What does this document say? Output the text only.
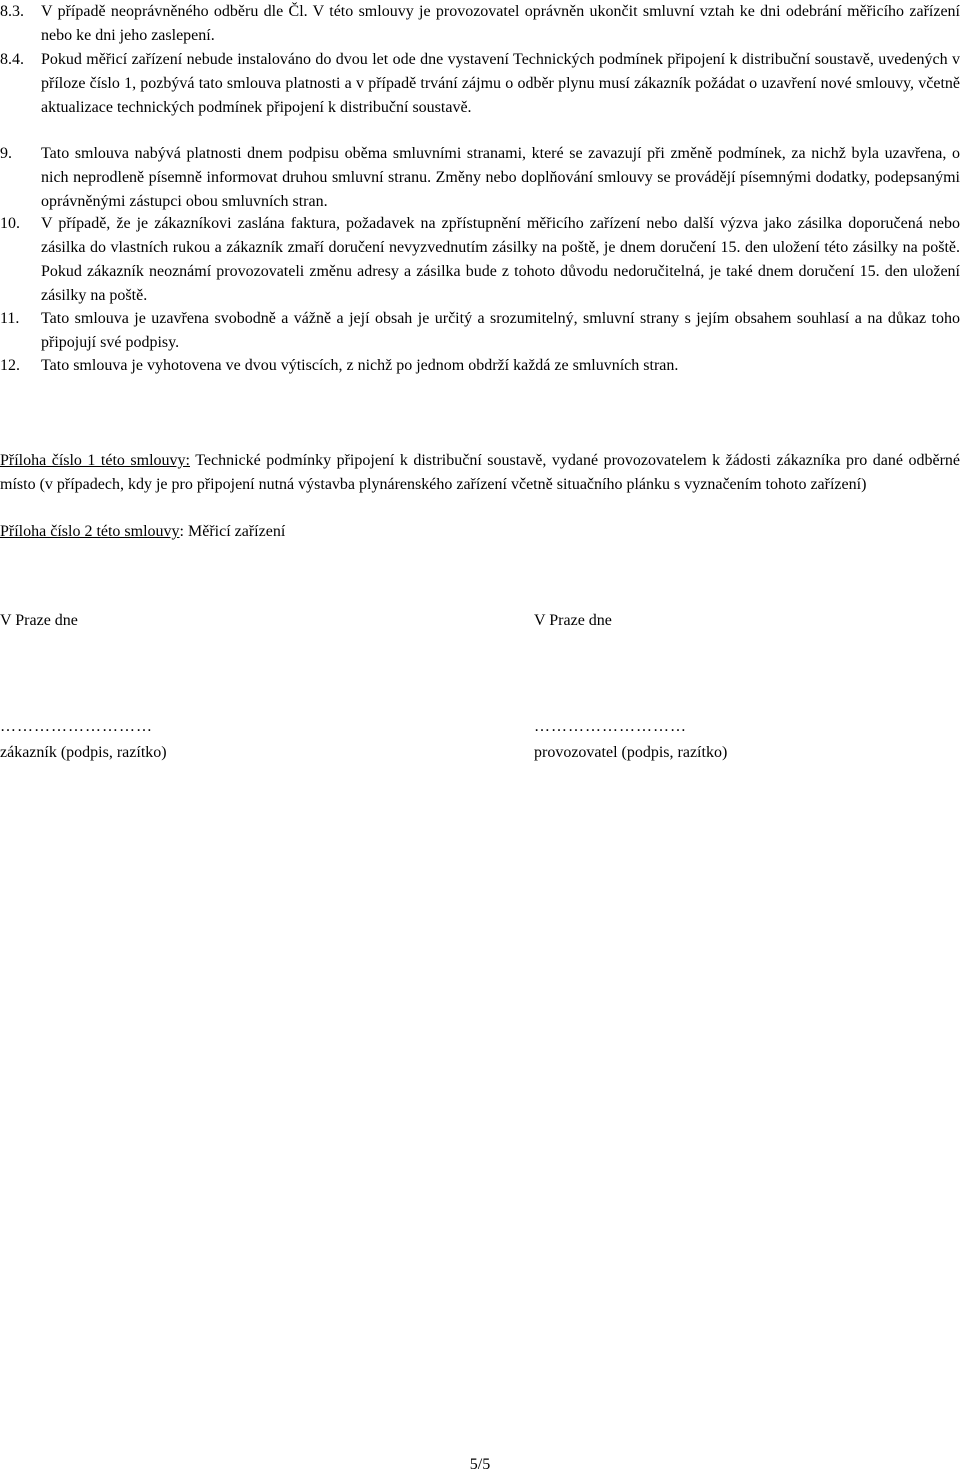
8.3.	V případě neoprávněného odběru dle Čl. V této smlouvy je provozovatel oprávněn ukončit smluvní vztah ke dni odebrání měřicího zařízení nebo ke dni jeho zaslepení.
8.4.	Pokud měřicí zařízení nebude instalováno do dvou let ode dne vystavení Technických podmínek připojení k distribuční soustavě, uvedených v příloze číslo 1, pozbývá tato smlouva platnosti a v případě trvání zájmu o odběr plynu musí zákazník požádat o uzavření nové smlouvy, včetně aktualizace technických podmínek připojení k distribuční soustavě.
9.	Tato smlouva nabývá platnosti dnem podpisu oběma smluvními stranami, které se zavazují při změně podmínek, za nichž byla uzavřena, o nich neprodleně písemně informovat druhou smluvní stranu. Změny nebo doplňování smlouvy se provádějí písemnými dodatky, podepsanými oprávněnými zástupci obou smluvních stran.
10.	V případě, že je zákazníkovi zaslána faktura, požadavek na zpřístupnění měřicího zařízení nebo další výzva jako zásilka doporučená nebo zásilka do vlastních rukou a zákazník zmaří doručení nevyzvednutím zásilky na poště, je dnem doručení 15. den uložení této zásilky na poště. Pokud zákazník neoznámí provozovateli změnu adresy a zásilka bude z tohoto důvodu nedoručitelná, je také dnem doručení 15. den uložení zásilky na poště.
11.	Tato smlouva je uzavřena svobodně a vážně a její obsah je určitý a srozumitelný, smluvní strany s jejím obsahem souhlasí a na důkaz toho připojují své podpisy.
12.	Tato smlouva je vyhotovena ve dvou výtiscích, z nichž po jednom obdrží každá ze smluvních stran.
Příloha číslo 1 této smlouvy: Technické podmínky připojení k distribuční soustavě, vydané provozovatelem k žádosti zákazníka pro dané odběrné místo (v případech, kdy je pro připojení nutná výstavba plynárenského zařízení včetně situačního plánku s vyznačením tohoto zařízení)
Příloha číslo 2 této smlouvy: Měřicí zařízení
V Praze dne	V Praze dne
………………………	………………………
zákazník (podpis, razítko)	provozovatel (podpis, razítko)
5/5
